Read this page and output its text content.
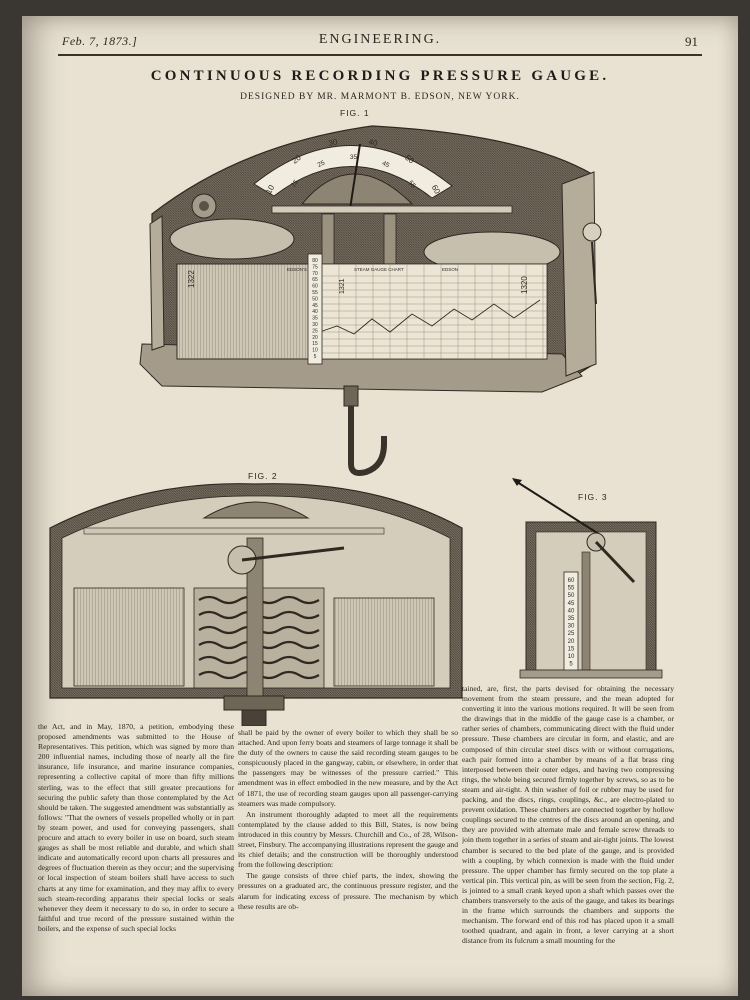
Feb. 7, 1873.]	ENGINEERING.	91
CONTINUOUS RECORDING PRESSURE GAUGE.
DESIGNED BY MR. MARMONT B. EDSON, NEW YORK.
FIG. 1
10
20
30	40
50
60
15
25
35
45
55
1322	1320
1321
EDSON'S	STEAM GAUGE CHART	EDSON
80
75
70
65
60
55
50
45
40
35
30
25
20
15
10
5
FIG. 2
FIG. 3
60
55
50
45
40
35
30
25
20
15
10
5

the Act, and in May, 1870, a petition, embodying these proposed amendments was submitted to the House of Representatives. This petition, which was signed by more than 200 influential names, including those of nearly all the fire insurance, life insurance, and marine insurance companies, representing a collective capital of more than fifty millions sterling, was to the effect that still greater precautions for securing the public safety than those contemplated by the Act should be taken. The suggested amendment was substantially as follows: "That the owners of vessels propelled wholly or in part by steam power, and used for conveying passengers, shall procure and attach to every boiler in use on board, such steam gauges as shall be most reliable and durable, and which shall indicate and automatically record upon charts all pressures and degrees of fluctuation therein as they occur; and the supervising or local inspection of steam boilers shall have access to such charts at any time for examination, and they may affix to every such steam-recording apparatus their special locks or seals whenever they deem it necessary to do so, in order to secure a faithful and true record of the pressure sustained within the boilers, and the expense of such special locks

shall be paid by the owner of every boiler to which they shall be so attached. And upon ferry boats and steamers of large tonnage it shall be the duty of the owners to cause the said recording steam gauges to be conspicuously placed in the gangway, cabin, or elsewhere, in order that the passengers may be witnesses of the pressure carried." This amendment was in effect embodied in the new measure, and by the Act of 1871, the use of recording steam gauges upon all passenger-carrying steamers was made compulsory.

An instrument thoroughly adapted to meet all the requirements contemplated by the clause added to this Bill, States, is now being introduced in this country by Messrs. Churchill and Co., of 28, Wilson-street, Finsbury. The accompanying illustrations represent the gauge and its chief details; and the construction will be thoroughly understood from the following description:

The gauge consists of three chief parts, the index, showing the pressures on a graduated arc, the continuous pressure register, and the alarum for indicating excess of pressure. The mechanism by which these results are ob-

tained, are, first, the parts devised for obtaining the necessary movement from the steam pressure, and the mean adopted for converting it into the various motions required. It will be seen from the drawings that in the middle of the gauge case is a chamber, or rather series of chambers, communicating direct with the fluid under pressure. These chambers are circular in form, and elastic, and are composed of thin circular steel discs with or without corrugations, each pair formed into a chamber by means of a flat brass ring interposed between their outer edges, and having two compressing rings, the whole being secured firmly together by screws, so as to be steam and air-tight. A thin washer of foil or rubber may be used for packing, and the discs, rings, couplings, &c., are electro-plated to prevent oxidation. These chambers are connected together by hollow couplings secured to the centres of the discs around an opening, and they are provided with alternate male and female screw threads to join them together in a series of steam and air-tight joints. The lowest chamber is secured to the bed plate of the gauge, and is provided with a coupling, by which connexion is made with the fluid under pressure. The upper chamber has firmly secured on the top plate a vertical pin. This vertical pin, as will be seen from the section, Fig. 2, is jointed to a small crank keyed upon a shaft which passes over the chambers transversely to the axis of the gauge, and takes its bearings in the frame which surrounds the chambers and supports the mechanism. The forward end of this rod has placed upon it a small toothed quadrant, and again in front, a lever carrying at a short distance from its fulcrum a small mounting for the
